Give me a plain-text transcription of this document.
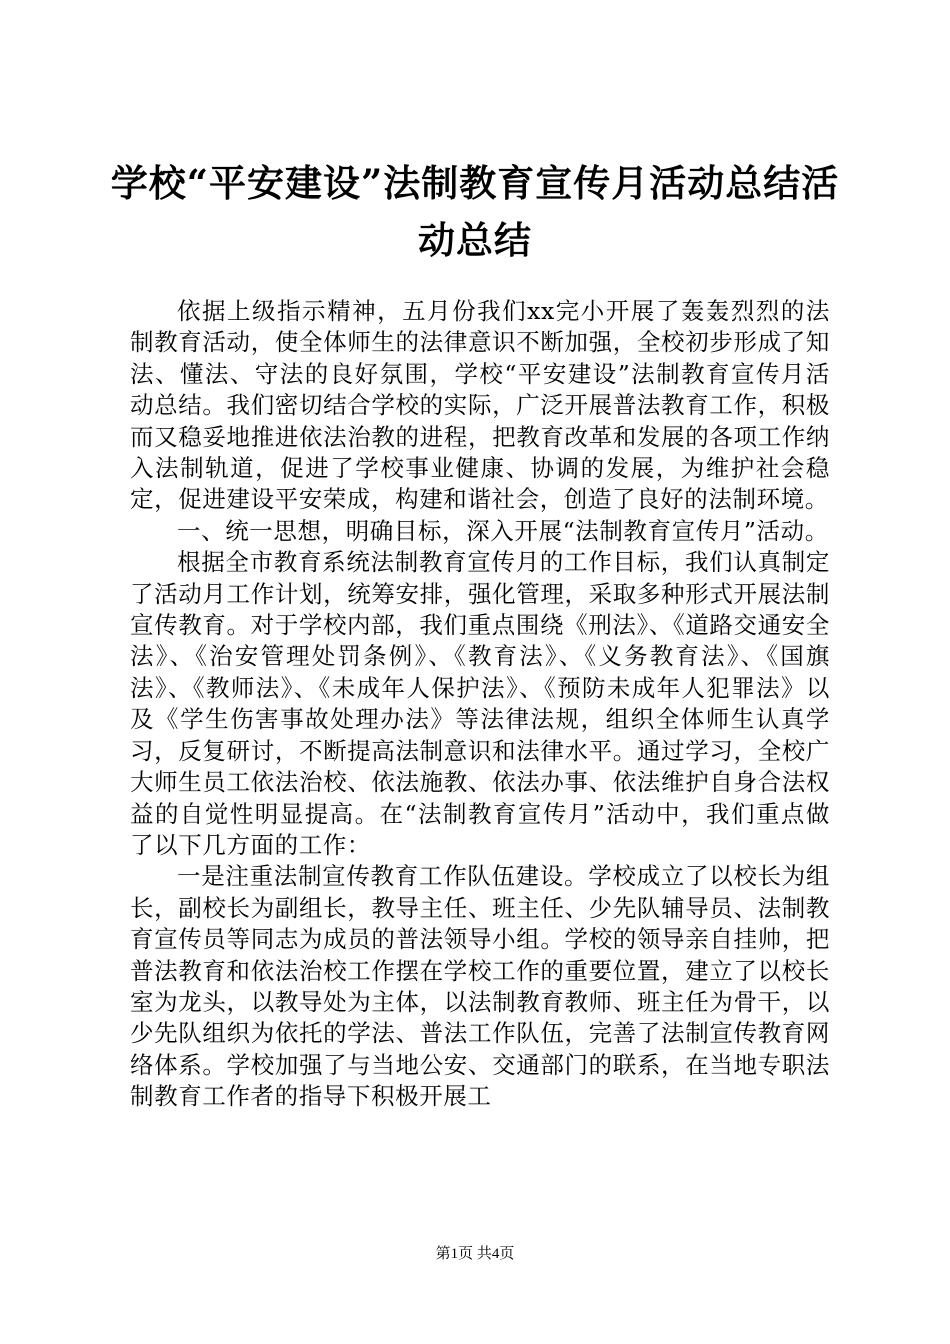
学校“平安建设”法制教育宣传月活动总结活动总结

依据上级指示精神，五月份我们xx完小开展了轰轰烈烈的法制教育活动，使全体师生的法律意识不断加强，全校初步形成了知法、懂法、守法的良好氛围，学校“平安建设”法制教育宣传月活动总结。我们密切结合学校的实际，广泛开展普法教育工作，积极而又稳妥地推进依法治教的进程，把教育改革和发展的各项工作纳入法制轨道，促进了学校事业健康、协调的发展，为维护社会稳定，促进建设平安荣成，构建和谐社会，创造了良好的法制环境。

一、统一思想，明确目标，深入开展“法制教育宣传月”活动。

根据全市教育系统法制教育宣传月的工作目标，我们认真制定了活动月工作计划，统筹安排，强化管理，采取多种形式开展法制宣传教育。对于学校内部，我们重点围绕《刑法》、《道路交通安全法》、《治安管理处罚条例》、《教育法》、《义务教育法》、《国旗法》、《教师法》、《未成年人保护法》、《预防未成年人犯罪法》以及《学生伤害事故处理办法》等法律法规，组织全体师生认真学习，反复研讨，不断提高法制意识和法律水平。通过学习，全校广大师生员工依法治校、依法施教、依法办事、依法维护自身合法权益的自觉性明显提高。在“法制教育宣传月”活动中，我们重点做了以下几方面的工作：

一是注重法制宣传教育工作队伍建设。学校成立了以校长为组长，副校长为副组长，教导主任、班主任、少先队辅导员、法制教育宣传员等同志为成员的普法领导小组。学校的领导亲自挂帅，把普法教育和依法治校工作摆在学校工作的重要位置，建立了以校长室为龙头，以教导处为主体，以法制教育教师、班主任为骨干，以少先队组织为依托的学法、普法工作队伍，完善了法制宣传教育网络体系。学校加强了与当地公安、交通部门的联系，在当地专职法制教育工作者的指导下积极开展工

第1页 共4页
